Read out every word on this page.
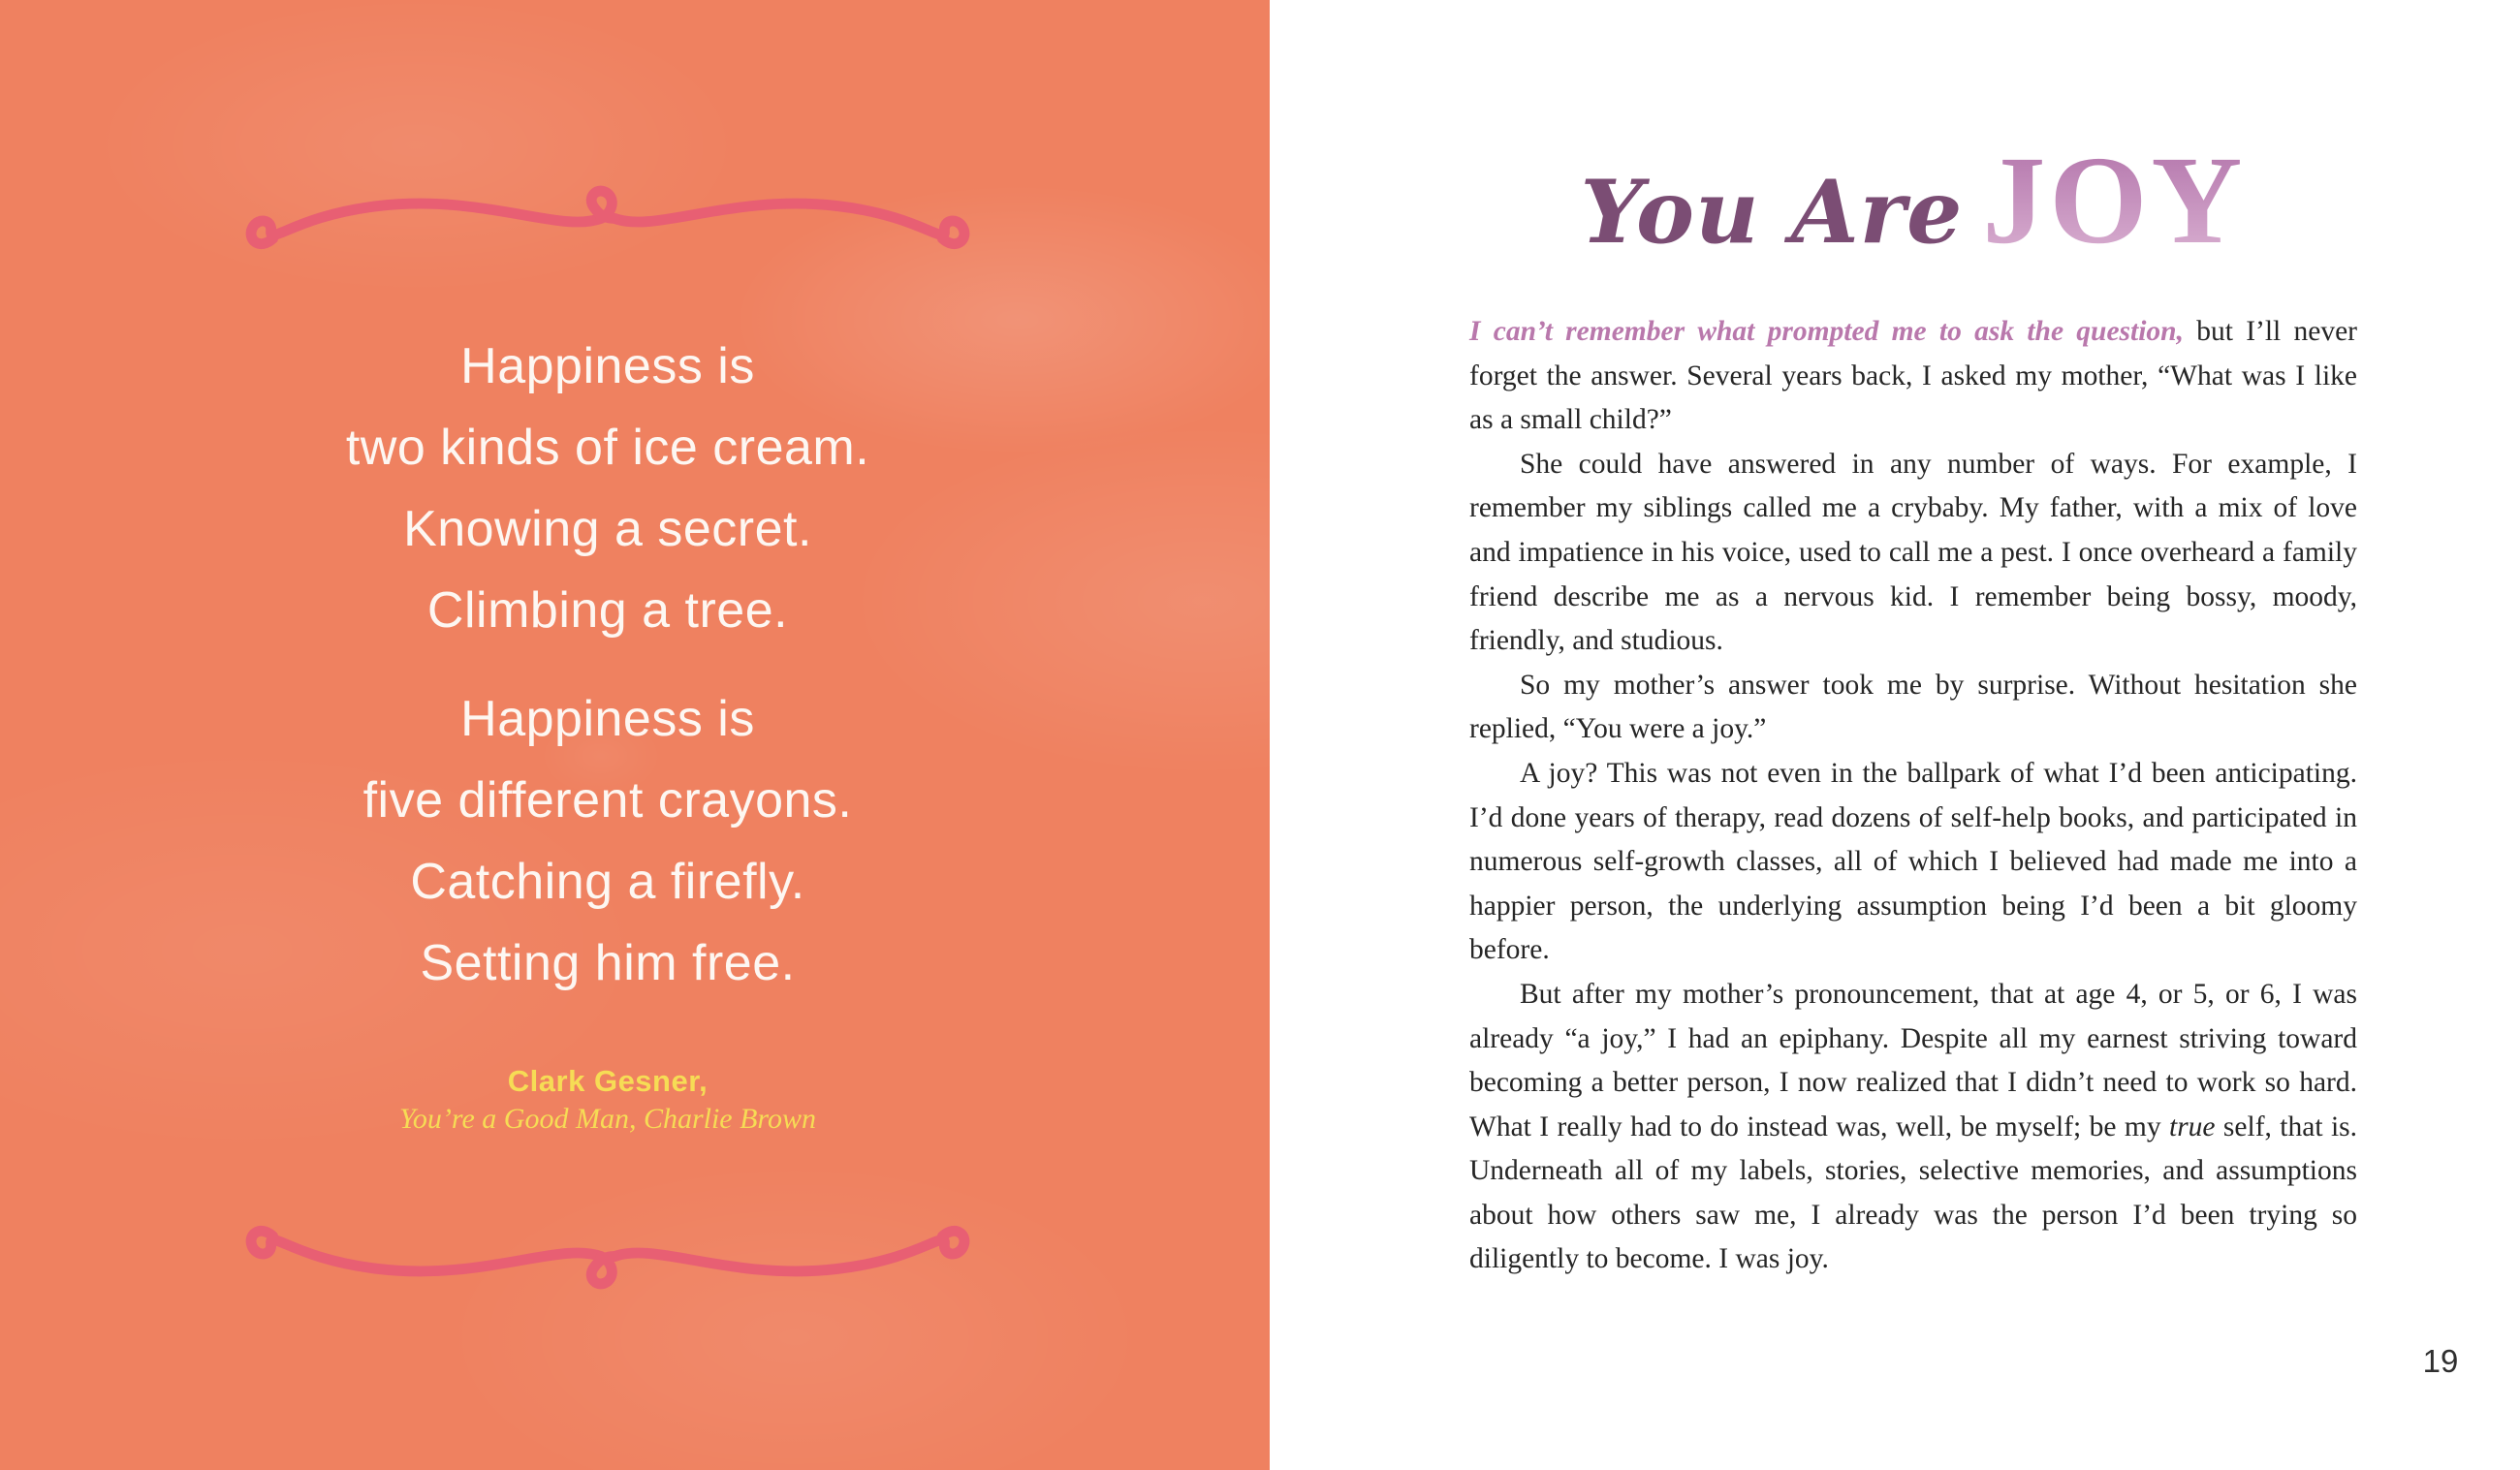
Happiness is
two kinds of ice cream.
Knowing a secret.
Climbing a tree.
Happiness is
five different crayons.
Catching a firefly.
Setting him free.
Clark Gesner,
You’re a Good Man, Charlie Brown
You Are JOY

I can’t remember what prompted me to ask the question, but I’ll never forget the answer. Several years back, I asked my mother, “What was I like as a small child?”

She could have answered in any number of ways. For example, I remember my siblings called me a crybaby. My father, with a mix of love and impatience in his voice, used to call me a pest. I once overheard a family friend describe me as a nervous kid. I remember being bossy, moody, friendly, and studious.

So my mother’s answer took me by surprise. Without hesitation she replied, “You were a joy.”

A joy? This was not even in the ballpark of what I’d been anticipating. I’d done years of therapy, read dozens of self-help books, and participated in numerous self-growth classes, all of which I believed had made me into a happier person, the underlying assumption being I’d been a bit gloomy before.

But after my mother’s pronouncement, that at age 4, or 5, or 6, I was already “a joy,” I had an epiphany. Despite all my earnest striving toward becoming a better person, I now realized that I didn’t need to work so hard. What I really had to do instead was, well, be myself; be my true self, that is. Underneath all of my labels, stories, selective memories, and assumptions about how others saw me, I already was the person I’d been trying so diligently to become. I was joy.

19
